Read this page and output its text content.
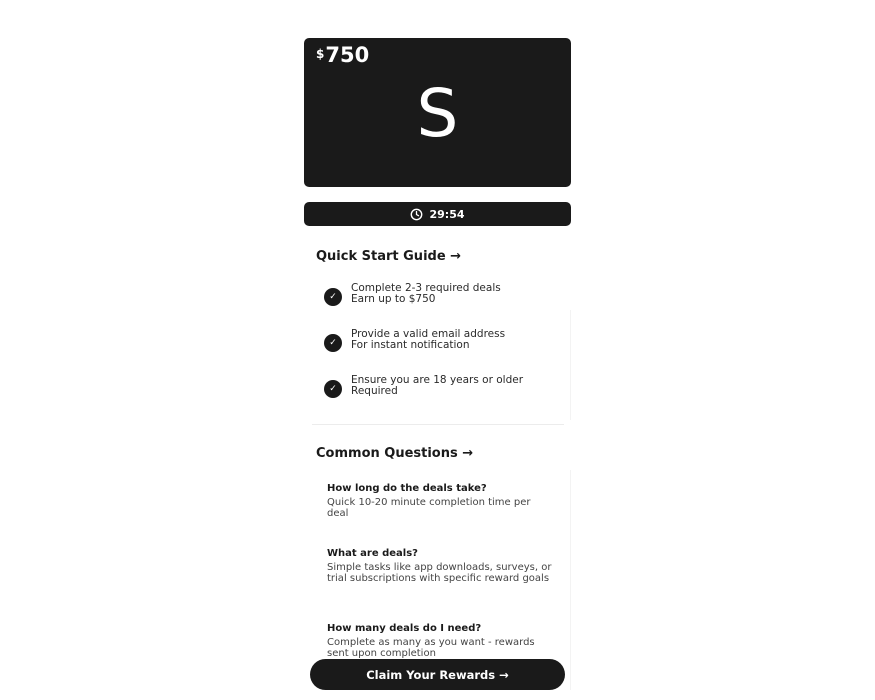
$750
S
29:54
Quick Start Guide →
✓
Complete 2-3 required deals
Earn up to $750
✓
Provide a valid email address
For instant notification
✓
Ensure you are 18 years or older
Required
Common Questions →
How long do the deals take?
Quick 10-20 minute completion time per deal
What are deals?
Simple tasks like app downloads, surveys, or trial subscriptions with specific reward goals
How many deals do I need?
Complete as many as you want - rewards sent upon completion
Claim Your Rewards →
